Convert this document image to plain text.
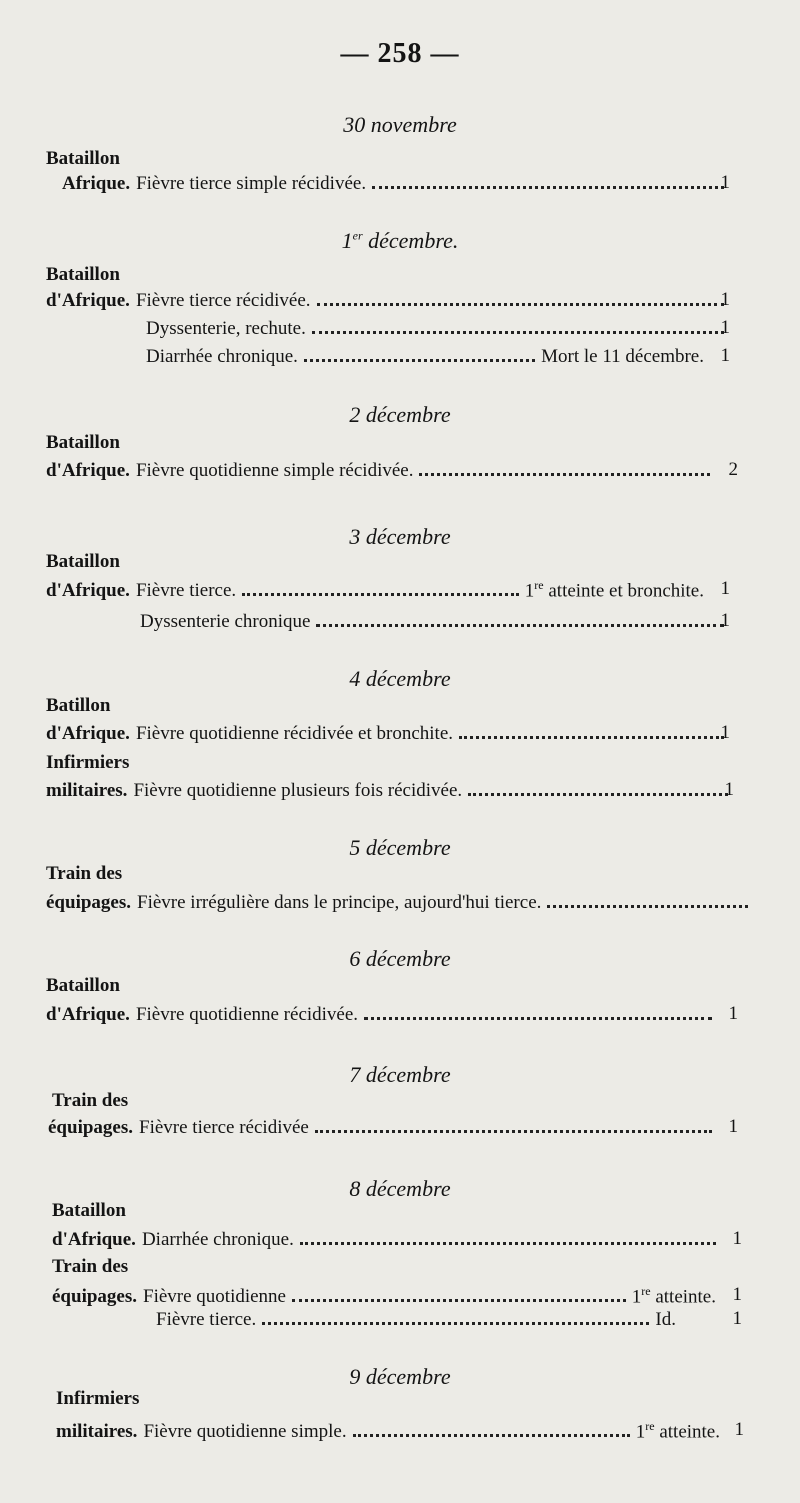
— 258 —
30 novembre
Bataillon
Afrique. Fièvre tierce simple récidivée.	1
1er décembre.
Bataillon
d'Afrique. Fièvre tierce récidivée.	1
Dyssenterie, rechute.	1
Diarrhée chronique.	Mort le 11 décembre. 1
2 décembre
Bataillon
d'Afrique. Fièvre quotidienne simple récidivée.	2
3 décembre
Bataillon
d'Afrique. Fièvre tierce.	1re atteinte et bronchite. 1
Dyssenterie chronique	1
4 décembre
Batillon
d'Afrique. Fièvre quotidienne récidivée et bronchite.	1
Infirmiers
militaires. Fièvre quotidienne plusieurs fois récidivée.	1
5 décembre
Train des
équipages. Fièvre irrégulière dans le principe, aujourd'hui tierce.
6 décembre
Bataillon
d'Afrique. Fièvre quotidienne récidivée.	1
7 décembre
Train des
équipages. Fièvre tierce récidivée	1
8 décembre
Bataillon
d'Afrique. Diarrhée chronique.	1
Train des
équipages. Fièvre quotidienne	1re atteinte. 1
Fièvre tierce.	Id.	1
9 décembre
Infirmiers
militaires. Fièvre quotidienne simple.	1re atteinte. 1
